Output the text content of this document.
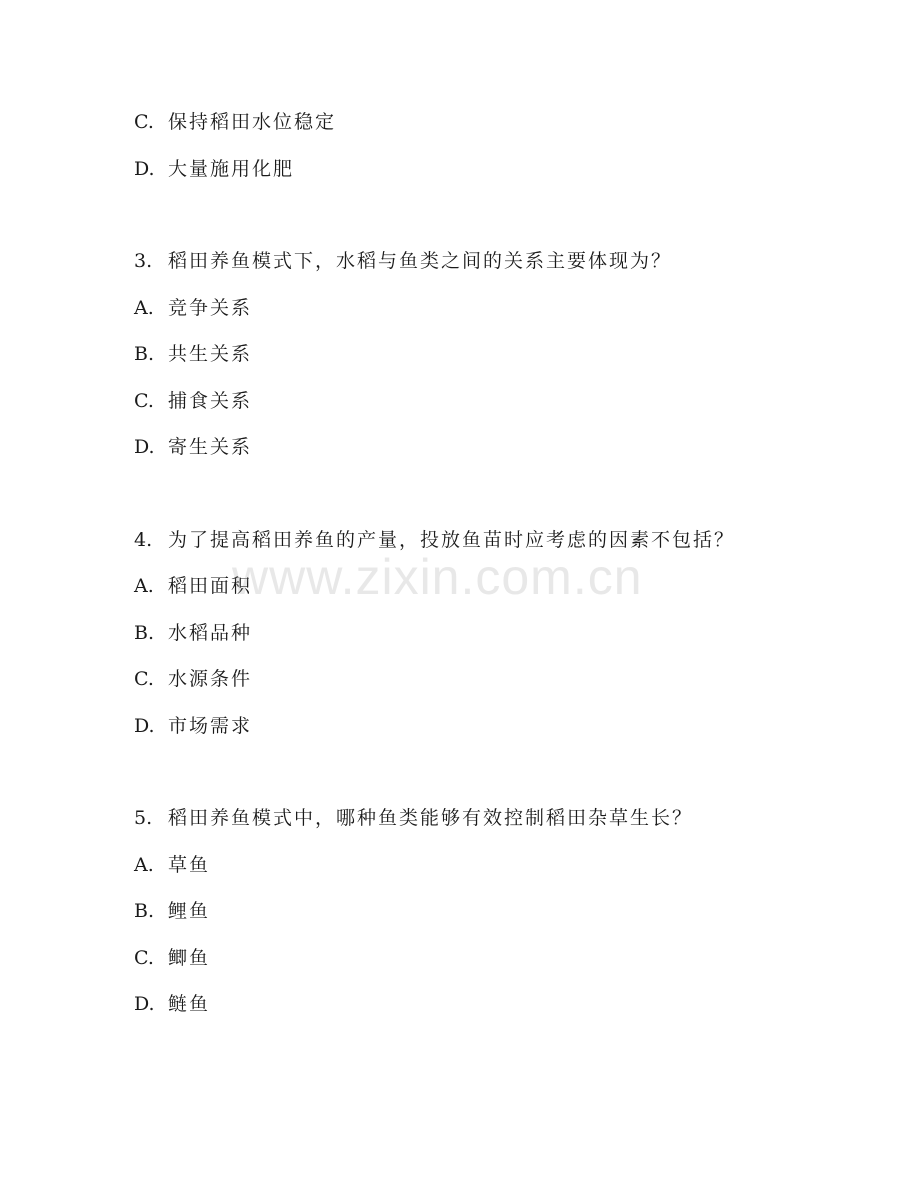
C. 保持稻田水位稳定
D. 大量施用化肥
3. 稻田养鱼模式下，水稻与鱼类之间的关系主要体现为？
A. 竞争关系
B. 共生关系
C. 捕食关系
D. 寄生关系
4. 为了提高稻田养鱼的产量，投放鱼苗时应考虑的因素不包括？
A. 稻田面积
B. 水稻品种
C. 水源条件
D. 市场需求
5. 稻田养鱼模式中，哪种鱼类能够有效控制稻田杂草生长？
A. 草鱼
B. 鲤鱼
C. 鲫鱼
D. 鲢鱼
www.zixin.com.cn
